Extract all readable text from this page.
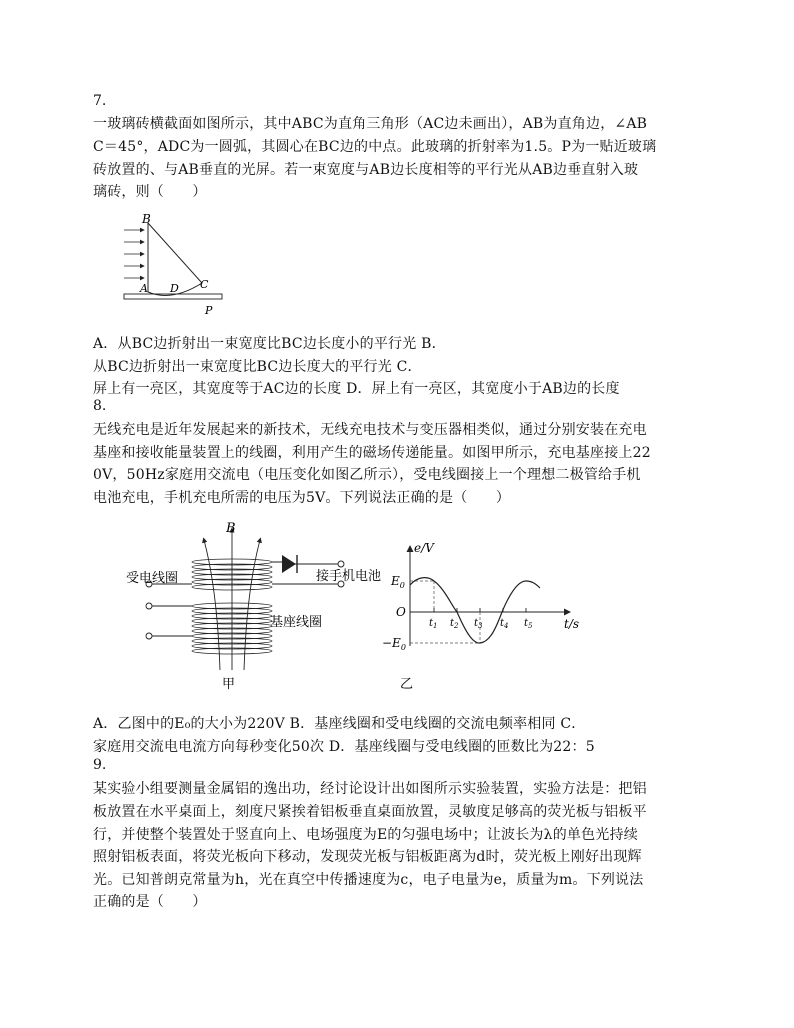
7.
一玻璃砖横截面如图所示，其中ABC为直角三角形（AC边未画出），AB为直角边，∠AB
C＝45°，ADC为一圆弧，其圆心在BC边的中点。此玻璃的折射率为1.5。P为一贴近玻璃
砖放置的、与AB垂直的光屏。若一束宽度与AB边长度相等的平行光从AB边垂直射入玻
璃砖，则（　　）
B
A D C
P
A．从BC边折射出一束宽度比BC边长度小的平行光 B．
从BC边折射出一束宽度比BC边长度大的平行光 C．
屏上有一亮区，其宽度等于AC边的长度 D．屏上有一亮区，其宽度小于AB边的长度
8.
无线充电是近年发展起来的新技术，无线充电技术与变压器相类似，通过分别安装在充电
基座和接收能量装置上的线圈，利用产生的磁场传递能量。如图甲所示，充电基座接上22
0V，50Hz家庭用交流电（电压变化如图乙所示），受电线圈接上一个理想二极管给手机
电池充电，手机充电所需的电压为5V。下列说法正确的是（　　）
B
受电线圈	接手机电池
基座线圈
甲
e/V
$E_0$
$-E_0$
O
$t_1$ $t_2$ $t_3$ $t_4$ $t_5$	t/s
乙
A．乙图中的E₀的大小为220V B．基座线圈和受电线圈的交流电频率相同 C．
家庭用交流电电流方向每秒变化50次 D．基座线圈与受电线圈的匝数比为22：5
9.
某实验小组要测量金属铝的逸出功，经讨论设计出如图所示实验装置，实验方法是：把铝
板放置在水平桌面上，刻度尺紧挨着铝板垂直桌面放置，灵敏度足够高的荧光板与铝板平
行，并使整个装置处于竖直向上、电场强度为E的匀强电场中；让波长为λ的单色光持续
照射铝板表面，将荧光板向下移动，发现荧光板与铝板距离为d时，荧光板上刚好出现辉
光。已知普朗克常量为h，光在真空中传播速度为c，电子电量为e，质量为m。下列说法
正确的是（　　）
